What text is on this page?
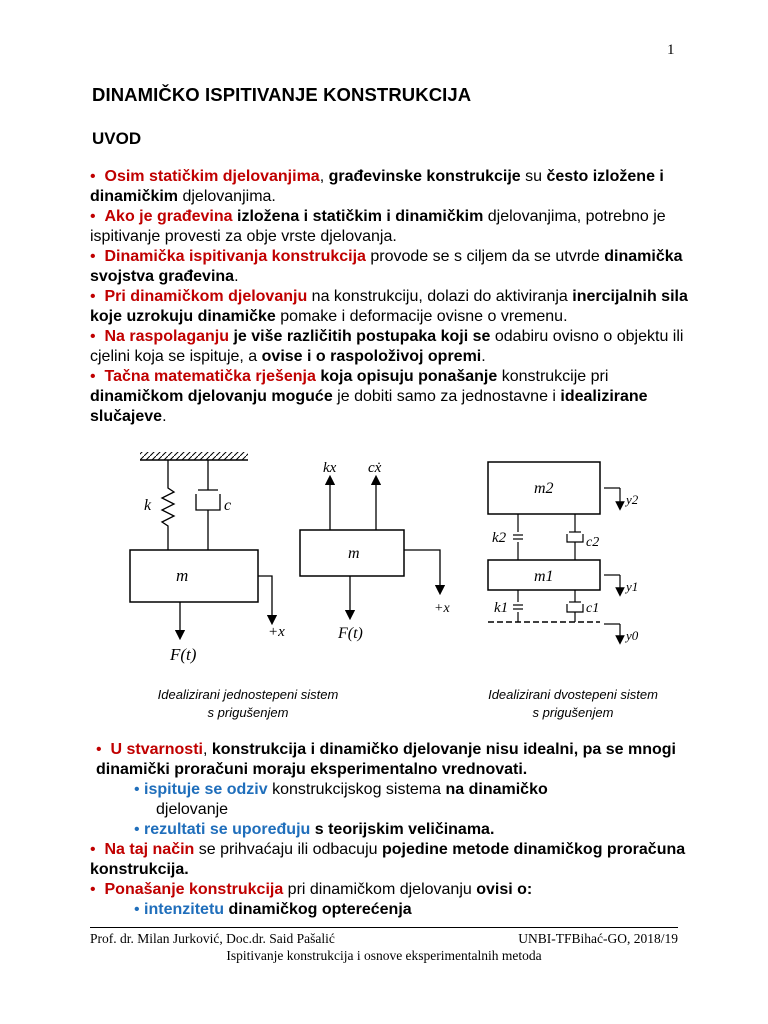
1
DINAMIČKO ISPITIVANJE KONSTRUKCIJA
UVOD

•  Osim statičkim djelovanjima, građevinske konstrukcije su često izložene i dinamičkim djelovanjima.

•  Ako je građevina izložena i statičkim i dinamičkim djelovanjima, potrebno je ispitivanje provesti za obje vrste djelovanja.

•  Dinamička ispitivanja konstrukcija provode se s ciljem da se utvrde dinamička svojstva građevina.

•  Pri dinamičkom djelovanju na konstrukciju, dolazi do aktiviranja inercijalnih sila koje uzrokuju dinamičke pomake i deformacije ovisne o vremenu.

•  Na raspolaganju je više različitih postupaka koji se odabiru ovisno o objektu ili cjelini koja se ispituje, a ovise i o raspoloživoj opremi.

•  Tačna matematička rješenja koja opisuju ponašanje konstrukcije pri dinamičkom djelovanju moguće je dobiti samo za jednostavne i idealizirane slučajeve.

k	c
m
F(t)
+x
kx cẋ
m
F(t)
+x
m2
m1
k2	c2
k1	c1
y2
y1
y0
Idealizirani jednostepeni sistem
s prigušenjem
Idealizirani dvostepeni sistem
s prigušenjem

•  U stvarnosti, konstrukcija i dinamičko djelovanje nisu idealni, pa se mnogi dinamički proračuni moraju eksperimentalno vrednovati.

• ispituje se odziv konstrukcijskog sistema na dinamičko

djelovanje

• rezultati se upoređuju s teorijskim veličinama.

•  Na taj način se prihvaćaju ili odbacuju pojedine metode dinamičkog proračuna konstrukcija.

•  Ponašanje konstrukcija pri dinamičkom djelovanju ovisi o:

• intenzitetu dinamičkog opterećenja

Prof. dr. Milan Jurković, Doc.dr. Said Pašalić	UNBI-TFBihać-GO, 2018/19
Ispitivanje konstrukcija i osnove eksperimentalnih metoda
